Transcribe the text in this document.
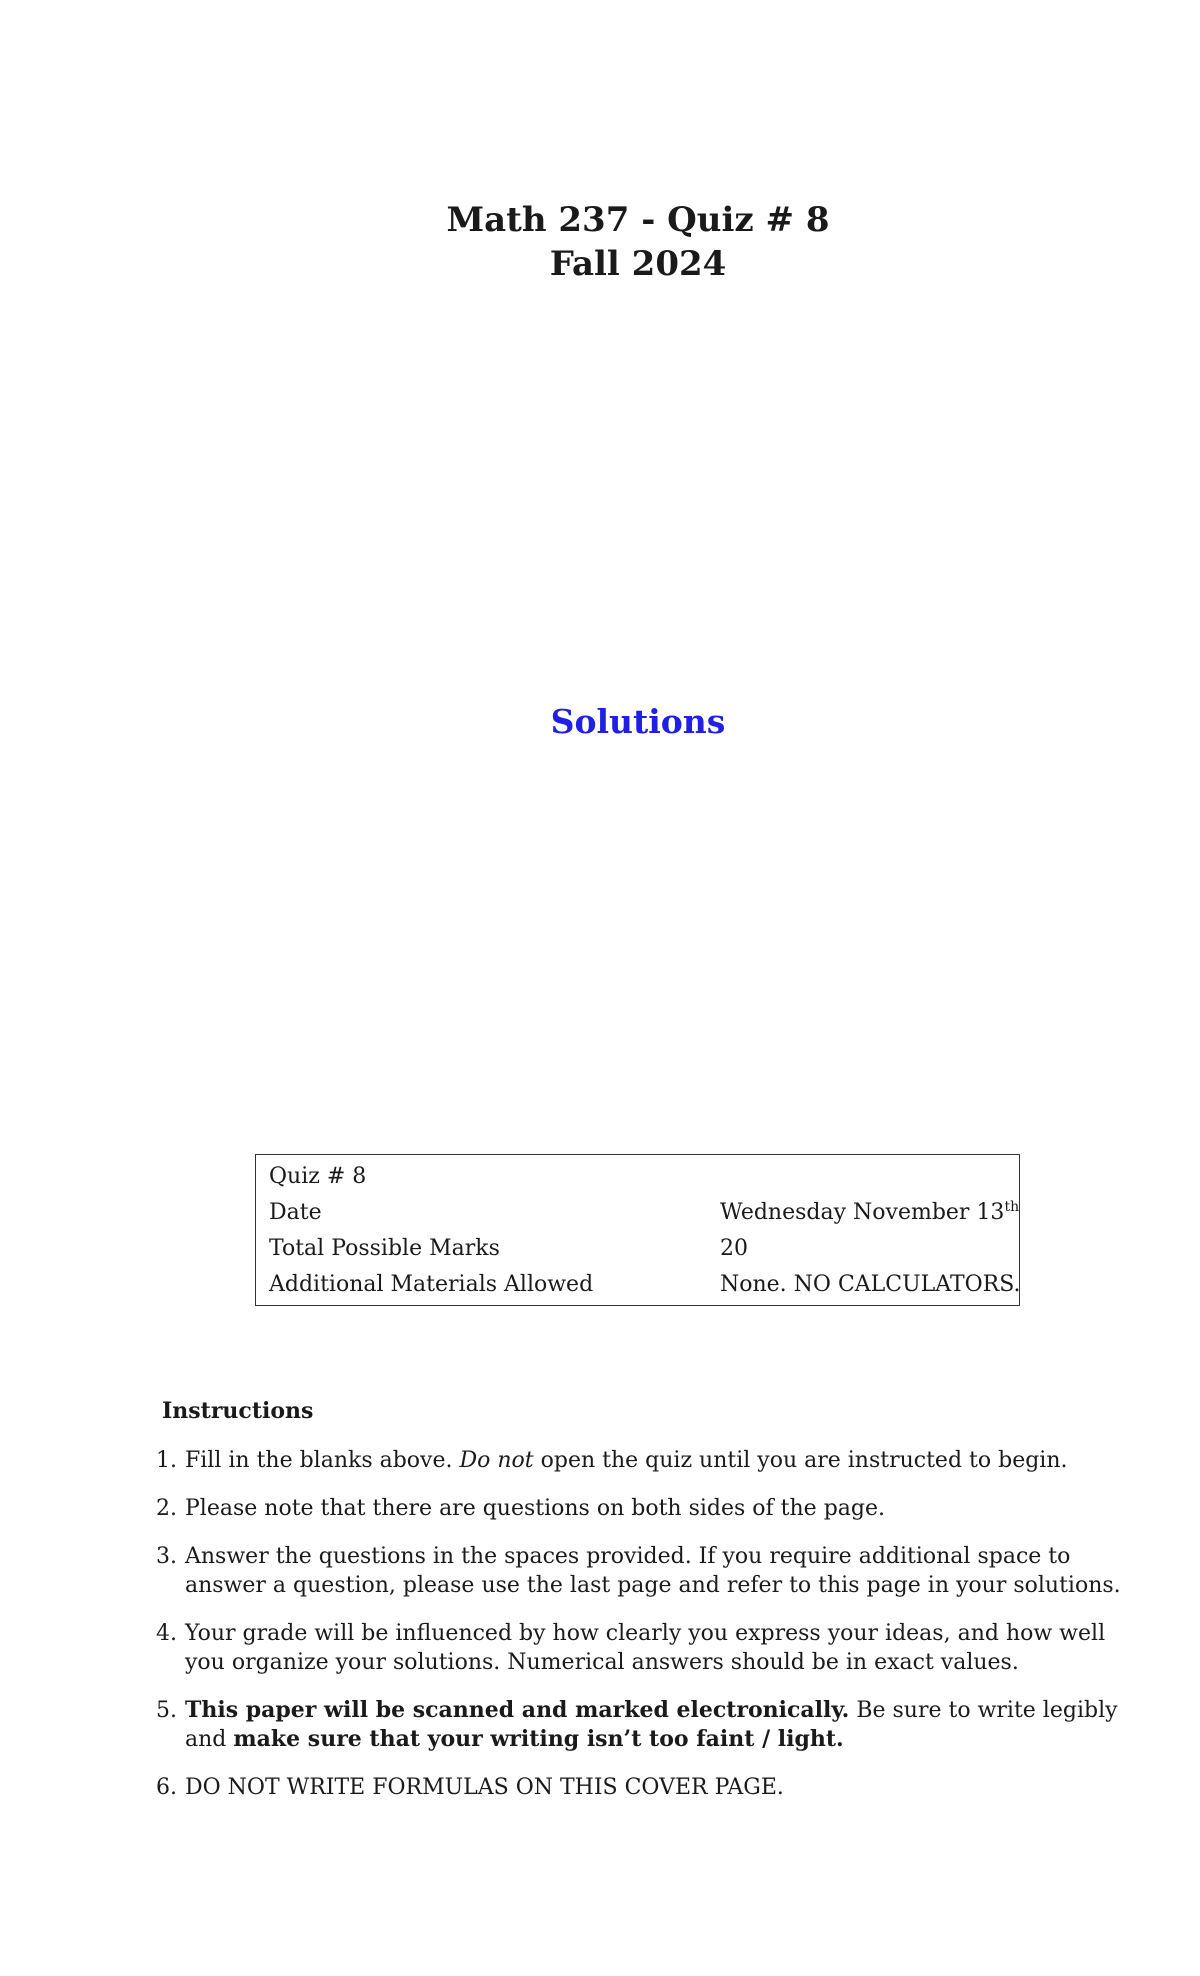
Math 237 - Quiz # 8
Fall 2024
Solutions
Quiz # 8
Date	Wednesday November 13th
Total Possible Marks	20
Additional Materials Allowed	None. NO CALCULATORS.
Instructions
1. Fill in the blanks above. Do not open the quiz until you are instructed to begin.
2. Please note that there are questions on both sides of the page.
3. Answer the questions in the spaces provided. If you require additional space to answer a question, please use the last page and refer to this page in your solutions.
4. Your grade will be influenced by how clearly you express your ideas, and how well you organize your solutions. Numerical answers should be in exact values.
5. This paper will be scanned and marked electronically. Be sure to write legibly and make sure that your writing isn’t too faint / light.
6. DO NOT WRITE FORMULAS ON THIS COVER PAGE.
